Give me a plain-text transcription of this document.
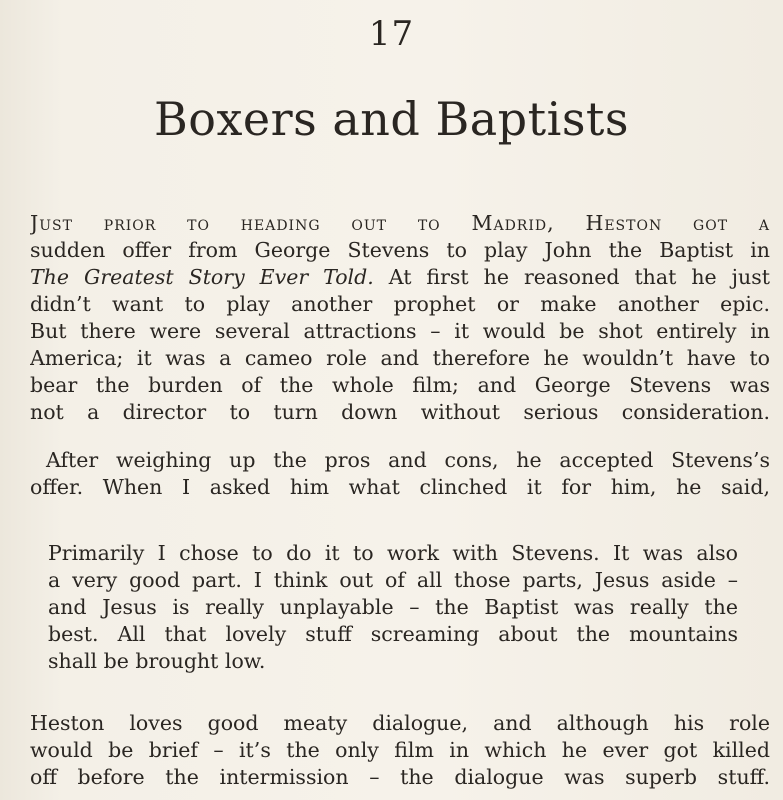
17
Boxers and Baptists
Just prior to heading out to Madrid, Heston got a
sudden offer from George Stevens to play John the Baptist in
The Greatest Story Ever Told. At first he reasoned that he just
didn’t want to play another prophet or make another epic.
But there were several attractions – it would be shot entirely in
America; it was a cameo role and therefore he wouldn’t have to
bear the burden of the whole film; and George Stevens was
not a director to turn down without serious consideration.
After weighing up the pros and cons, he accepted Stevens’s
offer. When I asked him what clinched it for him, he said,
Primarily I chose to do it to work with Stevens. It was also
a very good part. I think out of all those parts, Jesus aside –
and Jesus is really unplayable – the Baptist was really the
best. All that lovely stuff screaming about the mountains
shall be brought low.
Heston loves good meaty dialogue, and although his role
would be brief – it’s the only film in which he ever got killed
off before the intermission – the dialogue was superb stuff.
